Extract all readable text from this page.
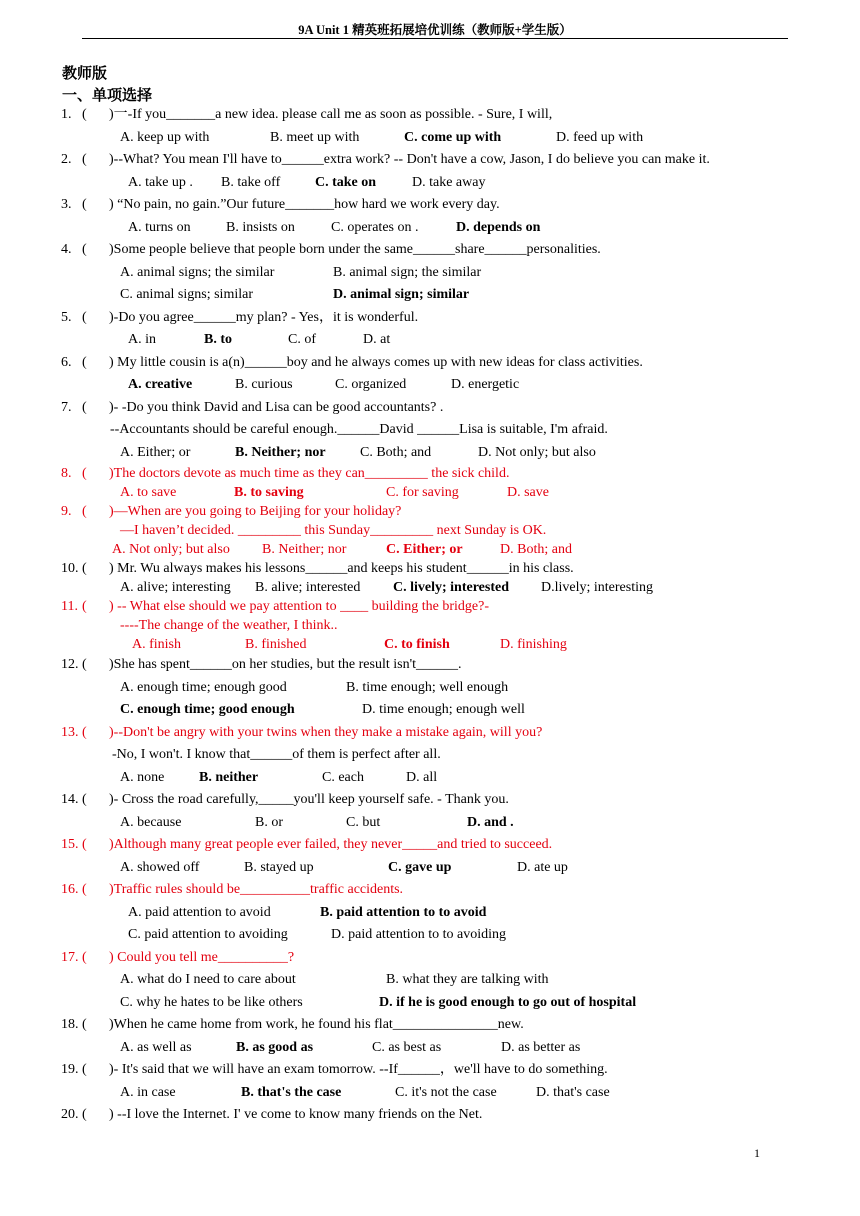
9A Unit 1 精英班拓展培优训练（教师版+学生版）
教师版
一、单项选择
1. ( )一-If you_______a new idea. please call me as soon as possible. - Sure, I will,
A. keep up with	B. meet up with	C. come up with	D. feed up with
2. ( )--What? You mean I'll have to______extra work? -- Don't have a cow, Jason, I do believe you can make it.
A. take up . B. take off C. take on	D. take away
3. ( ) “No pain, no gain.”Our future_______how hard we work every day.
A. turns on	B. insists on	C. operates on .	D. depends on
4. ( )Some people believe that people born under the same______share______personalities.
A. animal signs; the similar	B. animal sign; the similar
C. animal signs; similar	D. animal sign; similar
5. ( )-Do you agree______my plan? - Yes，it is wonderful.
A. in	B. to	C. of	D. at
6. ( ) My little cousin is a(n)______boy and he always comes up with new ideas for class activities.
A. creative	B. curious	C. organized	D. energetic
7. ( )- -Do you think David and Lisa can be good accountants? .
--Accountants should be careful enough.______David ______Lisa is suitable, I'm afraid.
A. Either; or	B. Neither; nor C. Both; and	D. Not only; but also
8. ( )The doctors devote as much time as they can_________ the sick child.
A. to save	B. to saving	C. for saving	D. save
9. ( )—When are you going to Beijing for your holiday?
—I haven’t decided. _________ this Sunday_________ next Sunday is OK.
A. Not only; but also B. Neither; nor	C. Either; or	D. Both; and
10. ( ) Mr. Wu always makes his lessons______and keeps his student______in his class.
A. alive; interesting B. alive; interested C. lively; interested D.lively; interesting
11. ( ) -- What else should we pay attention to ____ building the bridge?-
----The change of the weather, I think..
A. finish	B. finished	C. to finish	D. finishing
12. ( )She has spent______on her studies, but the result isn't______.
A. enough time; enough good	B. time enough; well enough
C. enough time; good enough	D. time enough; enough well
13. ( )--Don't be angry with your twins when they make a mistake again, will you?
-No, I won't. I know that______of them is perfect after all.
A. none B. neither	C. each	D. all
14. ( )- Cross the road carefully,_____you'll keep yourself safe. - Thank you.
A. because	B. or	C. but	D. and .
15. ( )Although many great people ever failed, they never_____and tried to succeed.
A. showed off	B. stayed up	C. gave up	D. ate up
16. ( )Traffic rules should be__________traffic accidents.
A. paid attention to avoid	B. paid attention to to avoid
C. paid attention to avoiding	D. paid attention to to avoiding
17. ( ) Could you tell me__________?
A. what do I need to care about	B. what they are talking with
C. why he hates to be like others	D. if he is good enough to go out of hospital
18. ( )When he came home from work, he found his flat_______________new.
A. as well as	B. as good as	C. as best as	D. as better as
19. ( )- It's said that we will have an exam tomorrow. --If______，we'll have to do something.
A. in case	B. that's the case	C. it's not the case	D. that's case
20. ( ) --I love the Internet. I' ve come to know many friends on the Net.
1
